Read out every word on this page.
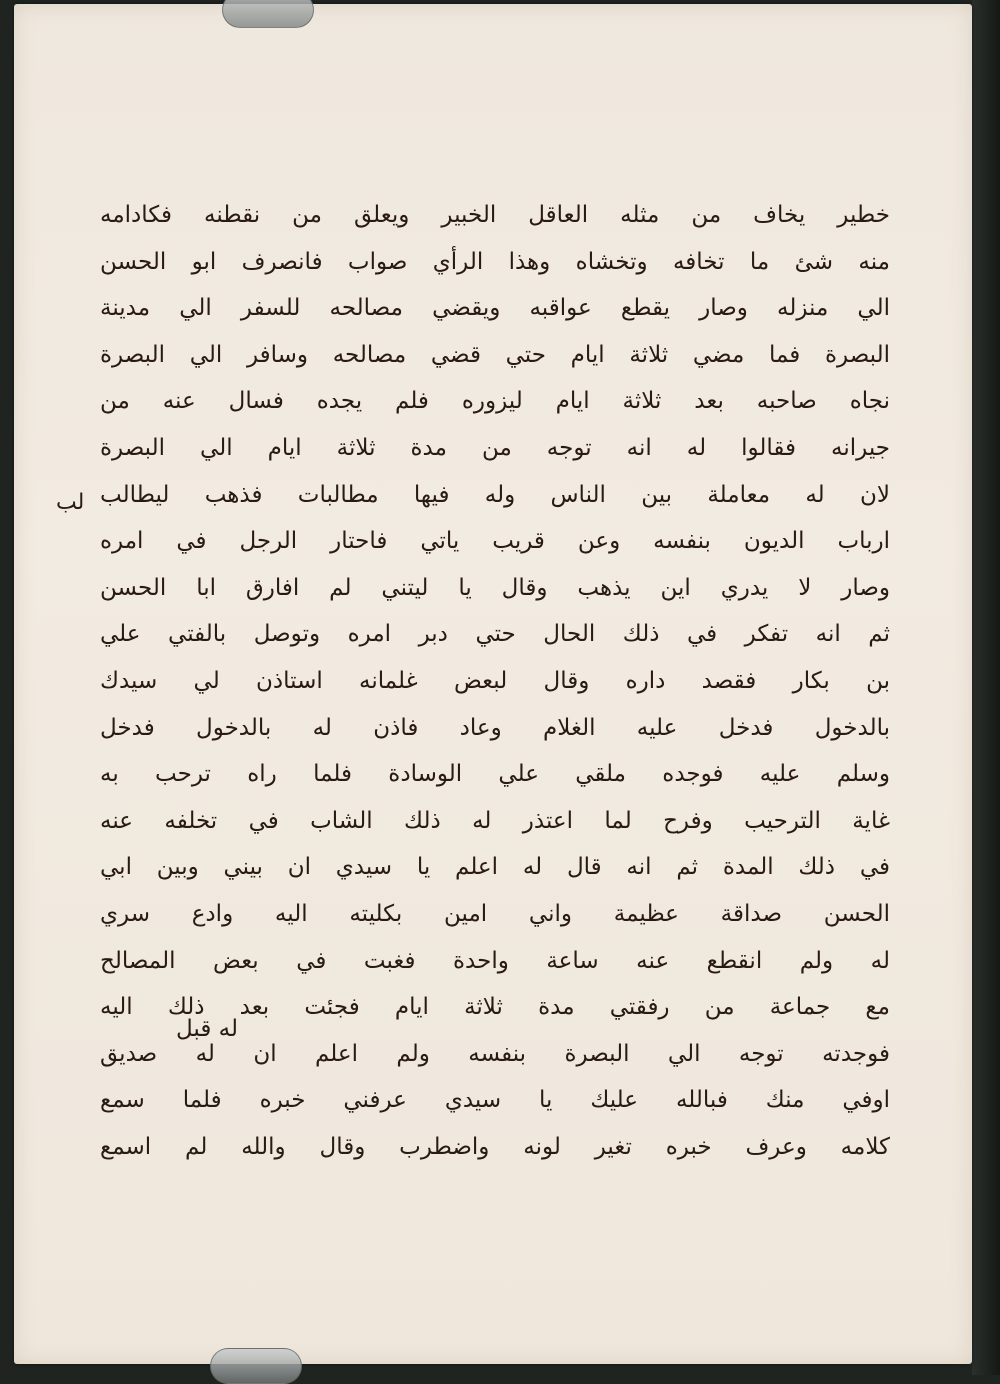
لب
خطير يخاف من مثله العاقل الخبير ويعلق من نقطنه فكادامه
منه شئ ما تخافه وتخشاه وهذا الرأي صواب فانصرف ابو الحسن
الي منزله وصار يقطع عواقبه ويقضي مصالحه للسفر الي مدينة
البصرة فما مضي ثلاثة ايام حتي قضي مصالحه وسافر الي البصرة
نجاه صاحبه بعد ثلاثة ايام ليزوره فلم يجده فسال عنه من
جيرانه فقالوا له انه توجه من مدة ثلاثة ايام الي البصرة
لان له معاملة بين الناس وله فيها مطالبات فذهب ليطالب
ارباب الديون بنفسه وعن قريب ياتي فاحتار الرجل في امره
وصار لا يدري اين يذهب وقال يا ليتني لم افارق ابا الحسن
ثم انه تفكر في ذلك الحال حتي دبر امره وتوصل بالفتي علي
بن بكار فقصد داره وقال لبعض غلمانه استاذن لي سيدك
بالدخول فدخل عليه الغلام وعاد فاذن له بالدخول فدخل
وسلم عليه فوجده ملقي علي الوسادة فلما راه ترحب به
غاية الترحيب وفرح لما اعتذر له ذلك الشاب في تخلفه عنه
في ذلك المدة ثم انه قال له اعلم يا سيدي ان بيني وبين ابي
الحسن صداقة عظيمة واني امين بكليته اليه وادع سري
له ولم انقطع عنه ساعة واحدة فغبت في بعض المصالح
مع جماعة من رفقتي مدة ثلاثة ايام فجئت بعد ذلك اليه
فوجدته توجه الي البصرة بنفسه ولم اعلم ان له صديق
اوفي منك فبالله عليك يا سيدي عرفني خبره فلما سمع
كلامه وعرف خبره تغير لونه واضطرب وقال والله لم اسمع
له قبل
